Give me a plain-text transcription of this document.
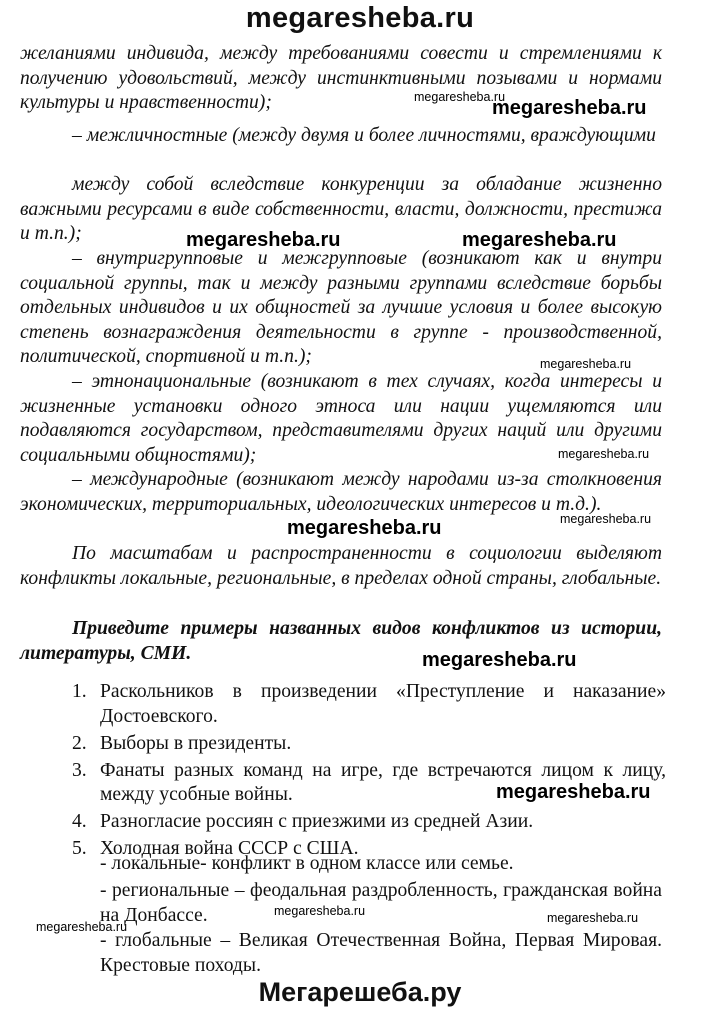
megaresheba.ru

желаниями индивида, между требованиями совести и стремлениями к получению удовольствий, между инстинктивными позывами и нормами культуры и нравственности);

– межличностные (между двумя и более личностями, враждующими

между собой вследствие конкуренции за обладание жизненно важными ресурсами в виде собственности, власти, должности, престижа и т.п.);

– внутригрупповые и межгрупповые (возникают как и внутри социальной группы, так и между разными группами вследствие борьбы отдельных индивидов и их общностей за лучшие условия и более высокую степень вознаграждения деятельности в группе - производственной, политической, спортивной и т.п.);

– этнонациональные (возникают в тех случаях, когда интересы и жизненные установки одного этноса или нации ущемляются или подавляются государством, представителями других наций или другими социальными общностями);

– международные (возникают между народами из-за столкновения экономических, территориальных, идеологических интересов и т.д.).

По масштабам и распространенности в социологии выделяют конфликты локальные, региональные, в пределах одной страны, глобальные.

Приведите примеры названных видов конфликтов из истории, литературы, СМИ.

1. Раскольников в произведении «Преступление и наказание» Достоевского.
2. Выборы в президенты.
3. Фанаты разных команд на игре, где встречаются лицом к лицу, между усобные войны.
4. Разногласие россиян с приезжими из средней Азии.
5. Холодная война СССР с США.

- локальные- конфликт в одном классе или семье.

- региональные – феодальная раздробленность, гражданская война на Донбассе.

- глобальные – Великая Отечественная Война, Первая Мировая. Крестовые походы.

megaresheba.ru
megaresheba.ru
megaresheba.ru	megaresheba.ru
megaresheba.ru
megaresheba.ru
megaresheba.ru	megaresheba.ru
megaresheba.ru
megaresheba.ru
megaresheba.ru	megaresheba.ru
megaresheba.ru
Мегарешеба.ру
